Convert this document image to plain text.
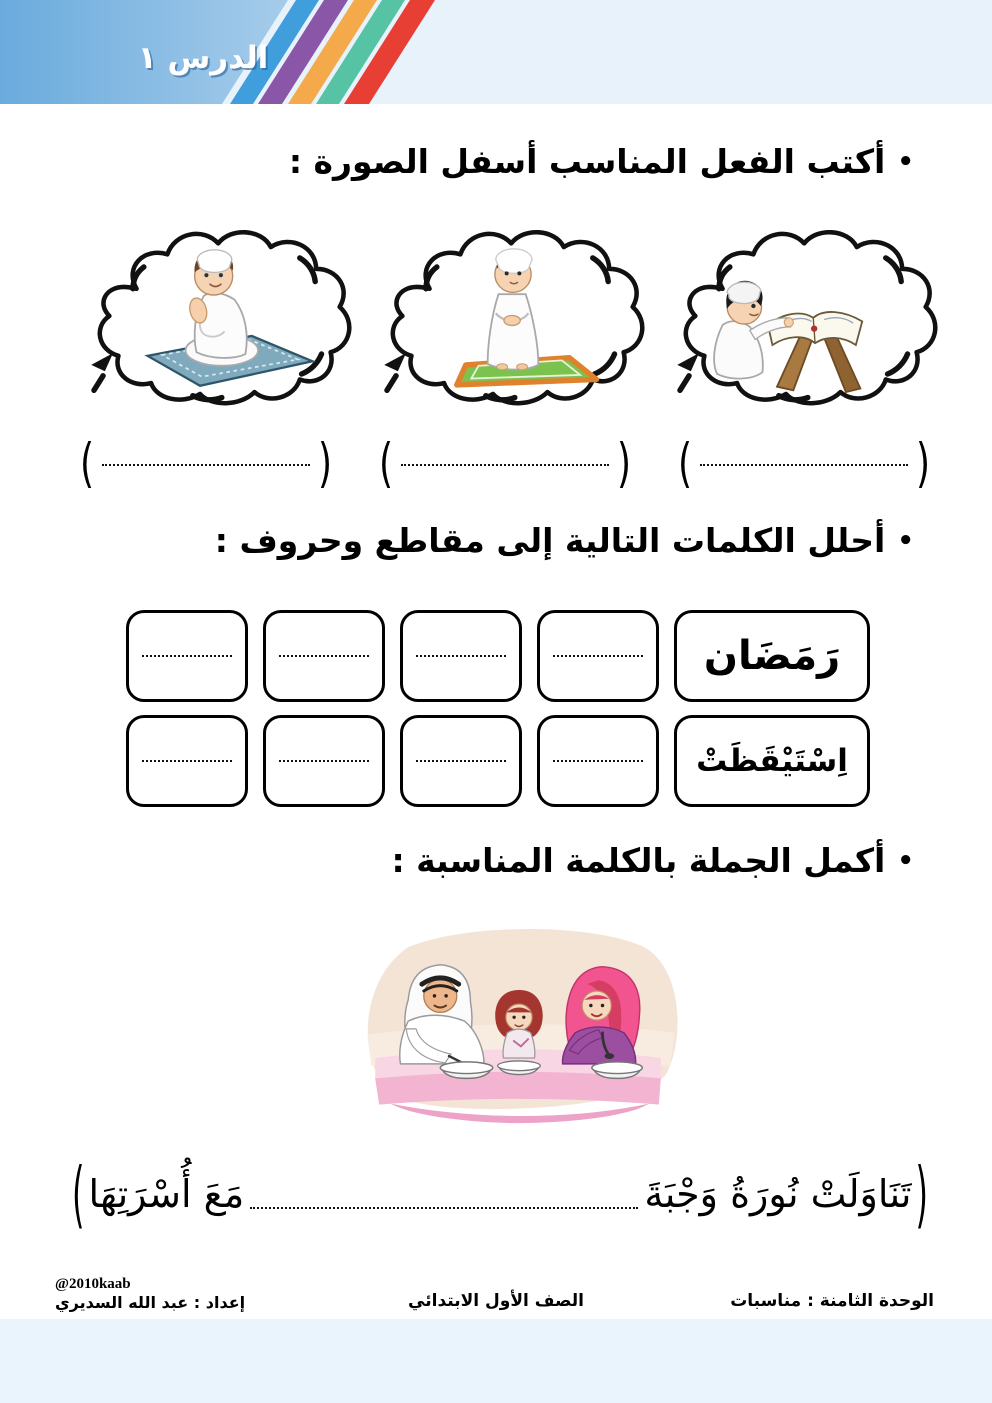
الدرس ١
•
أكتب الفعل المناسب أسفل الصورة :
(	) (	) (	)
•
أحلل الكلمات التالية إلى مقاطع وحروف :
رَمَضَان
اِسْتَيْقَظَتْ
•
أكمل الجملة بالكلمة المناسبة :
( مَعَ أُسْرَتِهَا	تَنَاوَلَتْ نُورَةُ وَجْبَةَ )
@2010kaab
إعداد : عبد الله السديري	الصف الأول الابتدائي	الوحدة الثامنة : مناسبات
